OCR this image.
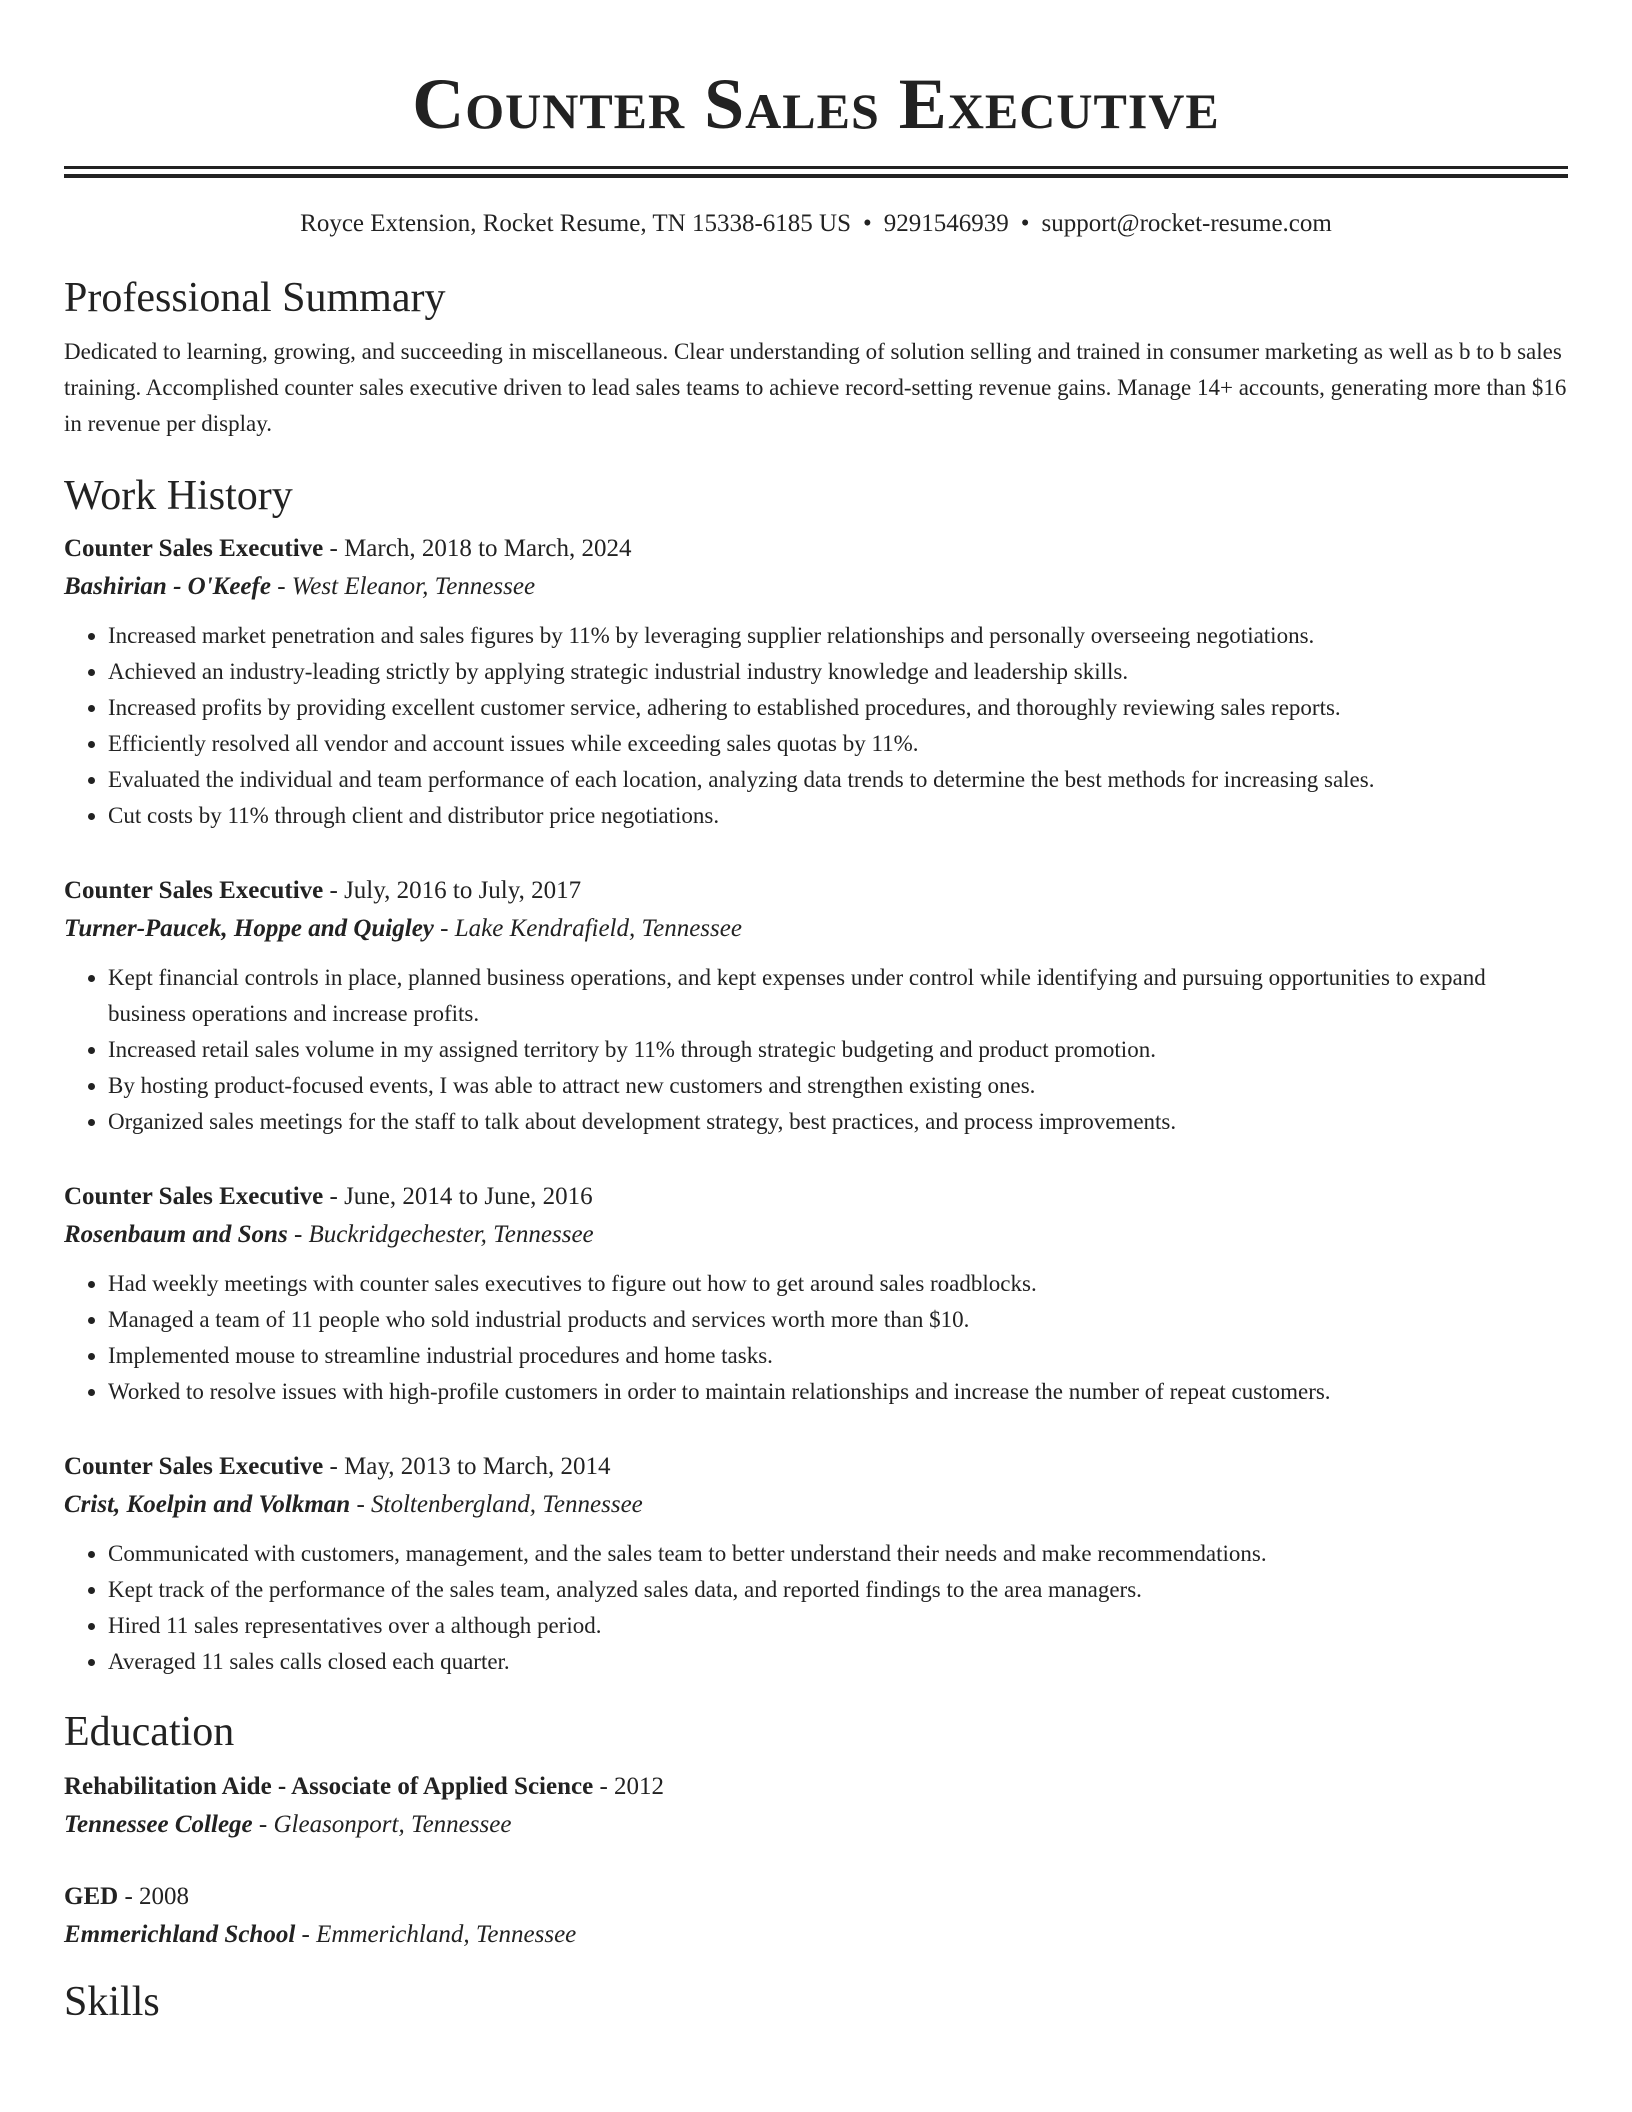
Counter Sales Executive
Royce Extension, Rocket Resume, TN 15338-6185 US • 9291546939 • support@rocket-resume.com
Professional Summary
Dedicated to learning, growing, and succeeding in miscellaneous. Clear understanding of solution selling and trained in consumer marketing as well as b to b sales training. Accomplished counter sales executive driven to lead sales teams to achieve record-setting revenue gains. Manage 14+ accounts, generating more than $16 in revenue per display.
Work History
Counter Sales Executive - March, 2018 to March, 2024
Bashirian - O'Keefe - West Eleanor, Tennessee
• Increased market penetration and sales figures by 11% by leveraging supplier relationships and personally overseeing negotiations.
• Achieved an industry-leading strictly by applying strategic industrial industry knowledge and leadership skills.
• Increased profits by providing excellent customer service, adhering to established procedures, and thoroughly reviewing sales reports.
• Efficiently resolved all vendor and account issues while exceeding sales quotas by 11%.
• Evaluated the individual and team performance of each location, analyzing data trends to determine the best methods for increasing sales.
• Cut costs by 11% through client and distributor price negotiations.
Counter Sales Executive - July, 2016 to July, 2017
Turner-Paucek, Hoppe and Quigley - Lake Kendrafield, Tennessee
• Kept financial controls in place, planned business operations, and kept expenses under control while identifying and pursuing opportunities to expand business operations and increase profits.
• Increased retail sales volume in my assigned territory by 11% through strategic budgeting and product promotion.
• By hosting product-focused events, I was able to attract new customers and strengthen existing ones.
• Organized sales meetings for the staff to talk about development strategy, best practices, and process improvements.
Counter Sales Executive - June, 2014 to June, 2016
Rosenbaum and Sons - Buckridgechester, Tennessee
• Had weekly meetings with counter sales executives to figure out how to get around sales roadblocks.
• Managed a team of 11 people who sold industrial products and services worth more than $10.
• Implemented mouse to streamline industrial procedures and home tasks.
• Worked to resolve issues with high-profile customers in order to maintain relationships and increase the number of repeat customers.
Counter Sales Executive - May, 2013 to March, 2014
Crist, Koelpin and Volkman - Stoltenbergland, Tennessee
• Communicated with customers, management, and the sales team to better understand their needs and make recommendations.
• Kept track of the performance of the sales team, analyzed sales data, and reported findings to the area managers.
• Hired 11 sales representatives over a although period.
• Averaged 11 sales calls closed each quarter.
Education
Rehabilitation Aide - Associate of Applied Science - 2012
Tennessee College - Gleasonport, Tennessee
GED - 2008
Emmerichland School - Emmerichland, Tennessee
Skills
